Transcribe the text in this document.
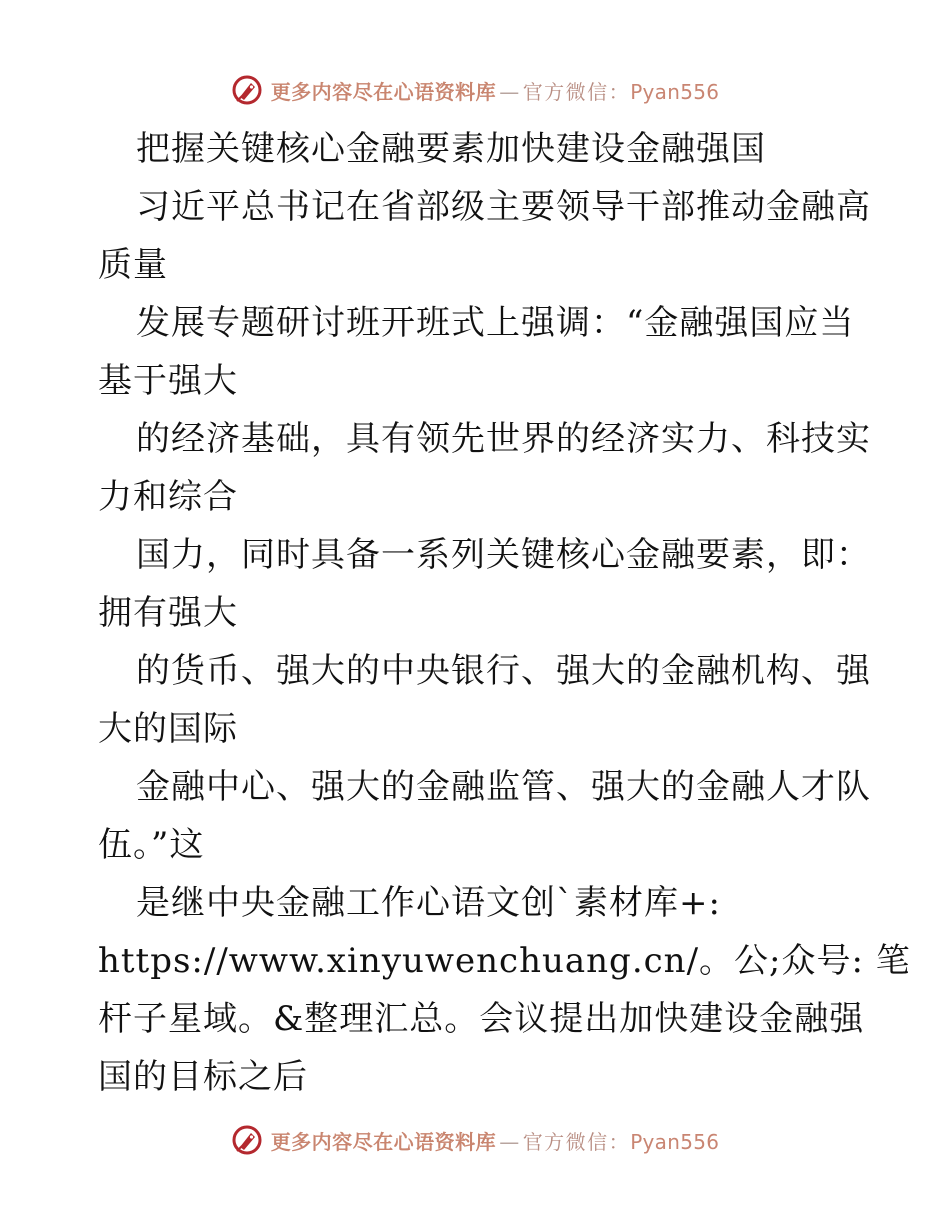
更多内容尽在心语资料库 — 官方微信：Pyan556
把握关键核心金融要素加快建设金融强国
习近平总书记在省部级主要领导干部推动金融高
质量
发展专题研讨班开班式上强调：“金融强国应当
基于强大
的经济基础，具有领先世界的经济实力、科技实
力和综合
国力，同时具备一系列关键核心金融要素，即：
拥有强大
的货币、强大的中央银行、强大的金融机构、强
大的国际
金融中心、强大的金融监管、强大的金融人才队
伍。”这
是继中央金融工作心语文创`素材库+:
https://www.xinyuwenchuang.cn/。公;众号: 笔
杆子星域。&整理汇总。会议提出加快建设金融强
国的目标之后
更多内容尽在心语资料库 — 官方微信：Pyan556
